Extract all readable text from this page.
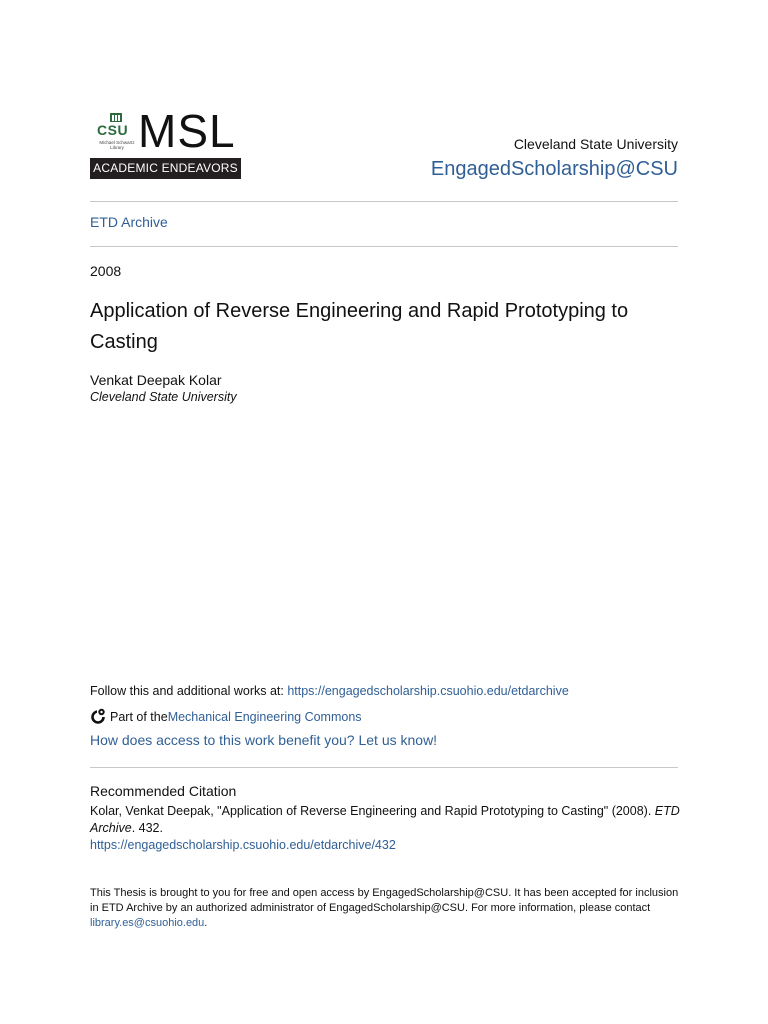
CSU
Michael Schwartz Library MSL
ACADEMIC ENDEAVORS
Cleveland State University
EngagedScholarship@CSU
ETD Archive
2008
Application of Reverse Engineering and Rapid Prototyping to Casting
Venkat Deepak Kolar
Cleveland State University
Follow this and additional works at: https://engagedscholarship.csuohio.edu/etdarchive
Part of the Mechanical Engineering Commons
How does access to this work benefit you? Let us know!
Recommended Citation
Kolar, Venkat Deepak, "Application of Reverse Engineering and Rapid Prototyping to Casting" (2008). ETD Archive. 432.
https://engagedscholarship.csuohio.edu/etdarchive/432
This Thesis is brought to you for free and open access by EngagedScholarship@CSU. It has been accepted for inclusion in ETD Archive by an authorized administrator of EngagedScholarship@CSU. For more information, please contact library.es@csuohio.edu.
